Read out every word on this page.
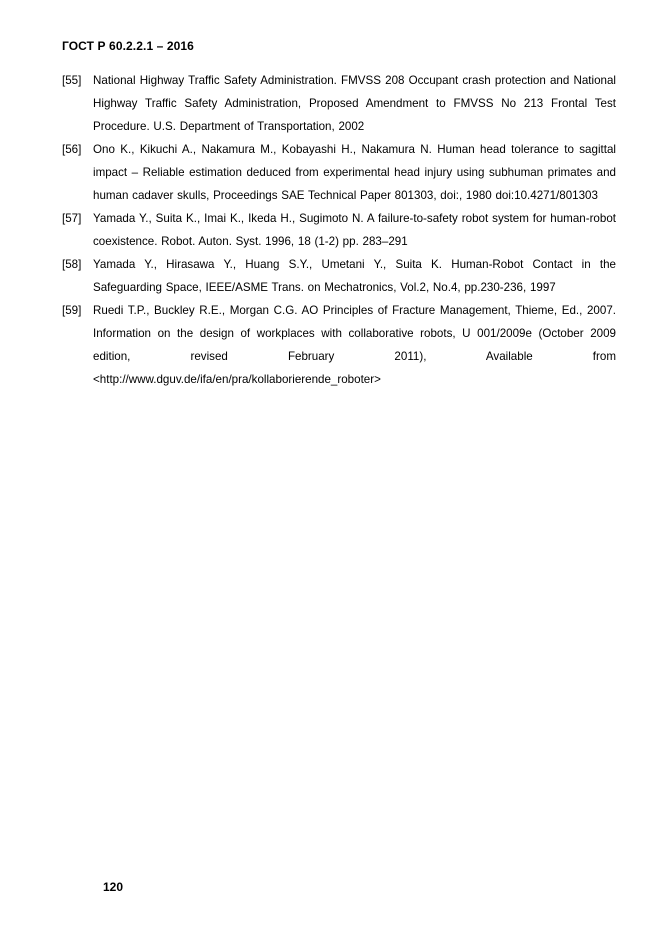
ГОСТ Р 60.2.2.1 – 2016
[55]	National Highway Traffic Safety Administration. FMVSS 208 Occupant crash protection and National Highway Traffic Safety Administration, Proposed Amendment to FMVSS No 213 Frontal Test Procedure. U.S. Department of Transportation, 2002
[56]	Ono K., Kikuchi A., Nakamura M., Kobayashi H., Nakamura N. Human head tolerance to sagittal impact – Reliable estimation deduced from experimental head injury using subhuman primates and human cadaver skulls, Proceedings SAE Technical Paper 801303, doi:, 1980 doi:10.4271/801303
[57]	Yamada Y., Suita K., Imai K., Ikeda H., Sugimoto N. A failure-to-safety robot system for human-robot coexistence. Robot. Auton. Syst. 1996, 18 (1-2) pp. 283–291
[58]	Yamada Y., Hirasawa Y., Huang S.Y., Umetani Y., Suita K. Human-Robot Contact in the Safeguarding Space, IEEE/ASME Trans. on Mechatronics, Vol.2, No.4, pp.230-236, 1997
[59]	Ruedi T.P., Buckley R.E., Morgan C.G. AO Principles of Fracture Management, Thieme, Ed., 2007. Information on the design of workplaces with collaborative robots, U 001/2009e (October 2009 edition, revised February 2011), Available from <http://www.dguv.de/ifa/en/pra/kollaborierende_roboter>
120
